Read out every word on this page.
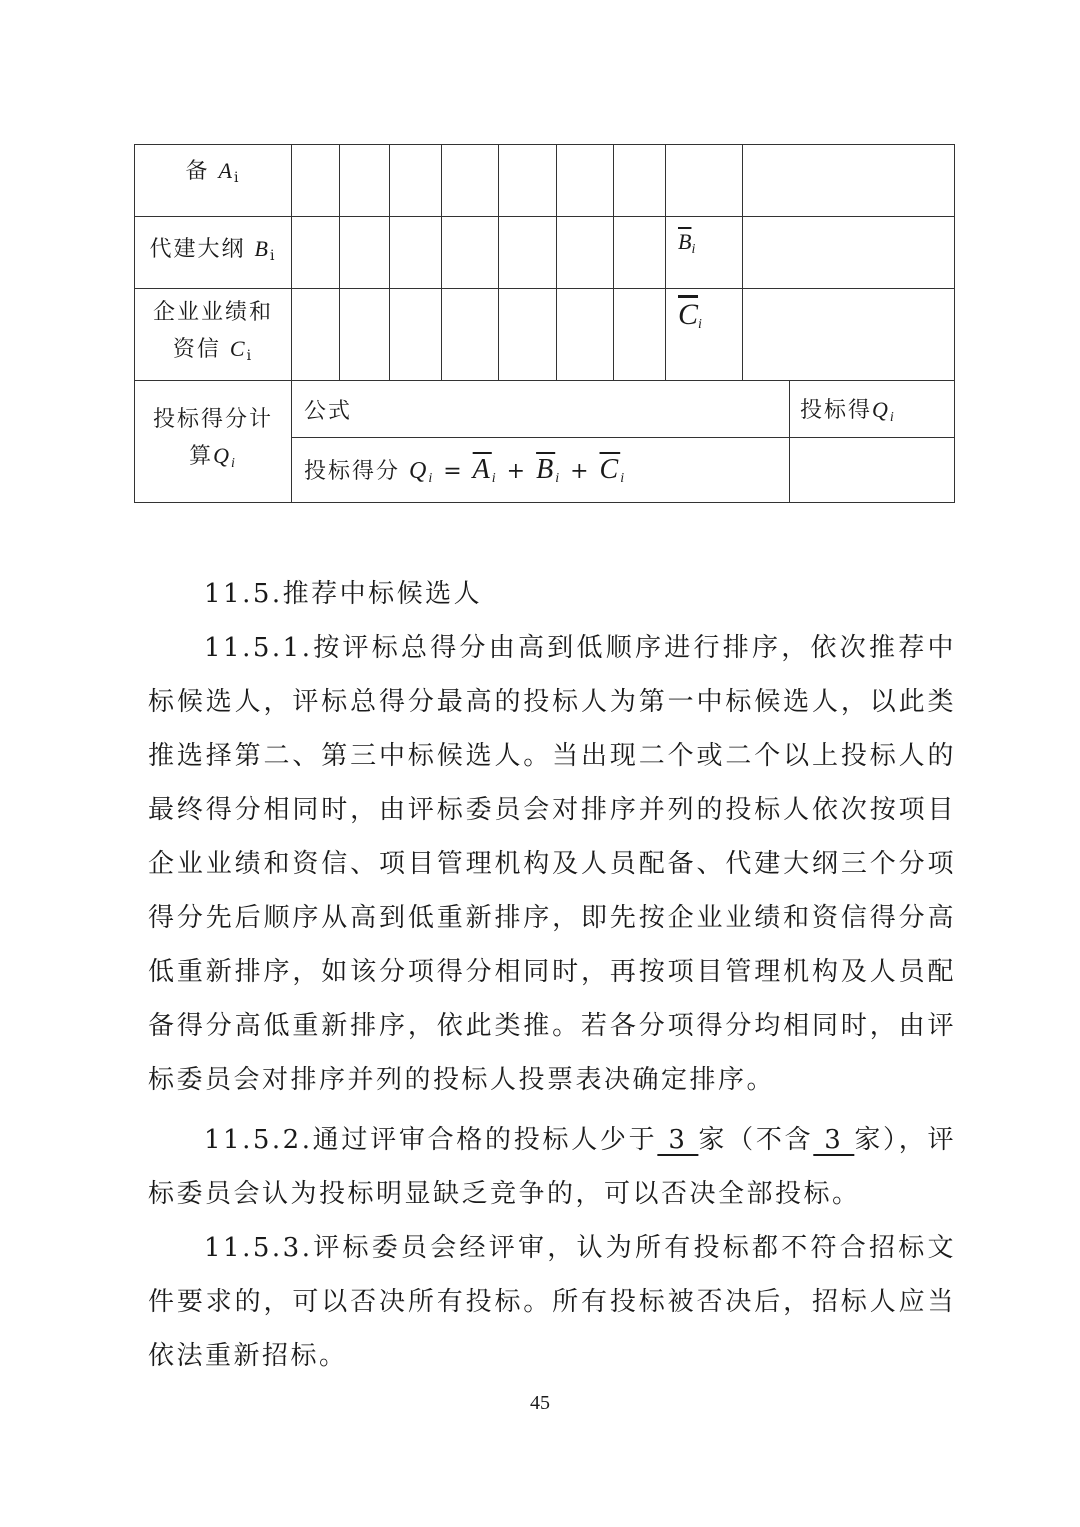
备 $A_i$									
代建大纲 $B_i$								$\overline{B}_i$	

企业业绩和
资信 $C_i$								$\overline{C}_i$	

投标得分计
算$Q_i$	公式									投标得$Q_i$
	投标得分 $Q_i = \overline{A}_i + \overline{B}_i + \overline{C}_i$	

11.5.推荐中标候选人

11.5.1.按评标总得分由高到低顺序进行排序，依次推荐中标候选人，评标总得分最高的投标人为第一中标候选人，以此类推选择第二、第三中标候选人。当出现二个或二个以上投标人的最终得分相同时，由评标委员会对排序并列的投标人依次按项目企业业绩和资信、项目管理机构及人员配备、代建大纲三个分项得分先后顺序从高到低重新排序，即先按企业业绩和资信得分高低重新排序，如该分项得分相同时，再按项目管理机构及人员配备得分高低重新排序，依此类推。若各分项得分均相同时，由评标委员会对排序并列的投标人投票表决确定排序。

11.5.2.通过评审合格的投标人少于 3 家（不含 3 家），评标委员会认为投标明显缺乏竞争的，可以否决全部投标。

11.5.3.评标委员会经评审，认为所有投标都不符合招标文件要求的，可以否决所有投标。所有投标被否决后，招标人应当依法重新招标。

45
